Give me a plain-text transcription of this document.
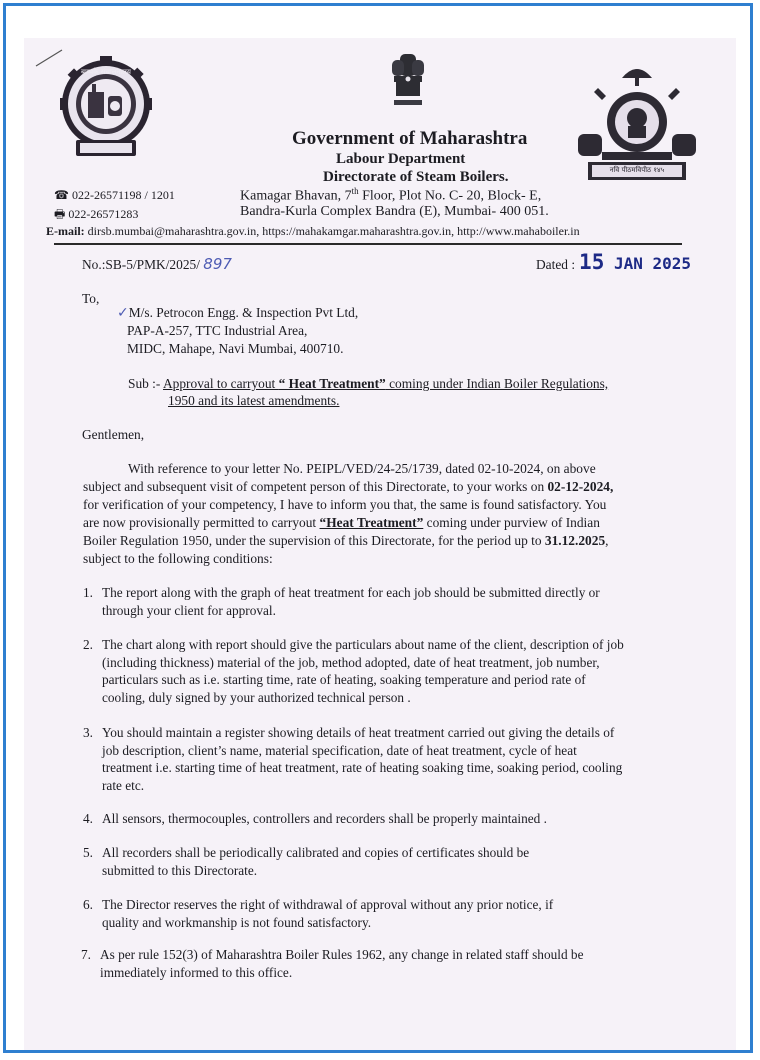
बाष्पके संचालनालय
नवि पीठमविपीठ १४५
Government of Maharashtra
Labour Department
Directorate of Steam Boilers.
☎ 022-26571198 / 1201
🖶 022-26571283
Kamagar Bhavan, 7th Floor, Plot No. C- 20, Block- E,
Bandra-Kurla Complex Bandra (E), Mumbai- 400 051.
E-mail: dirsb.mumbai@maharashtra.gov.in, https://mahakamgar.maharashtra.gov.in, http://www.mahaboiler.in
No.:SB-5/PMK/2025/ 897	Dated : 15 JAN 2025
To,
✓M/s. Petrocon Engg. & Inspection Pvt Ltd,
PAP-A-257, TTC Industrial Area,
MIDC, Mahape, Navi Mumbai, 400710.
Sub :- Approval to carryout “ Heat Treatment” coming under Indian Boiler Regulations,
1950 and its latest amendments.
Gentlemen,
With reference to your letter No. PEIPL/VED/24-25/1739, dated 02-10-2024, on above
subject and subsequent visit of competent person of this Directorate, to your works on 02-12-2024,
for verification of your competency, I have to inform you that, the same is found satisfactory. You
are now provisionally permitted to carryout “Heat Treatment” coming under purview of Indian
Boiler Regulation 1950, under the supervision of this Directorate, for the period up to 31.12.2025,
subject to the following conditions:
1. The report along with the graph of heat treatment for each job should be submitted directly or
through your client for approval.
2. The chart along with report should give the particulars about name of the client, description of job
(including thickness) material of the job, method adopted, date of heat treatment, job number,
particulars such as i.e. starting time, rate of heating, soaking temperature and period rate of
cooling, duly signed by your authorized technical person .
3. You should maintain a register showing details of heat treatment carried out giving the details of
job description, client’s name, material specification, date of heat treatment, cycle of heat
treatment i.e. starting time of heat treatment, rate of heating soaking time, soaking period, cooling
rate etc.
4. All sensors, thermocouples, controllers and recorders shall be properly maintained .
5. All recorders shall be periodically calibrated and copies of certificates should be
submitted to this Directorate.
6. The Director reserves the right of withdrawal of approval without any prior notice, if
quality and workmanship is not found satisfactory.
7. As per rule 152(3) of Maharashtra Boiler Rules 1962, any change in related staff should be
immediately informed to this office.
